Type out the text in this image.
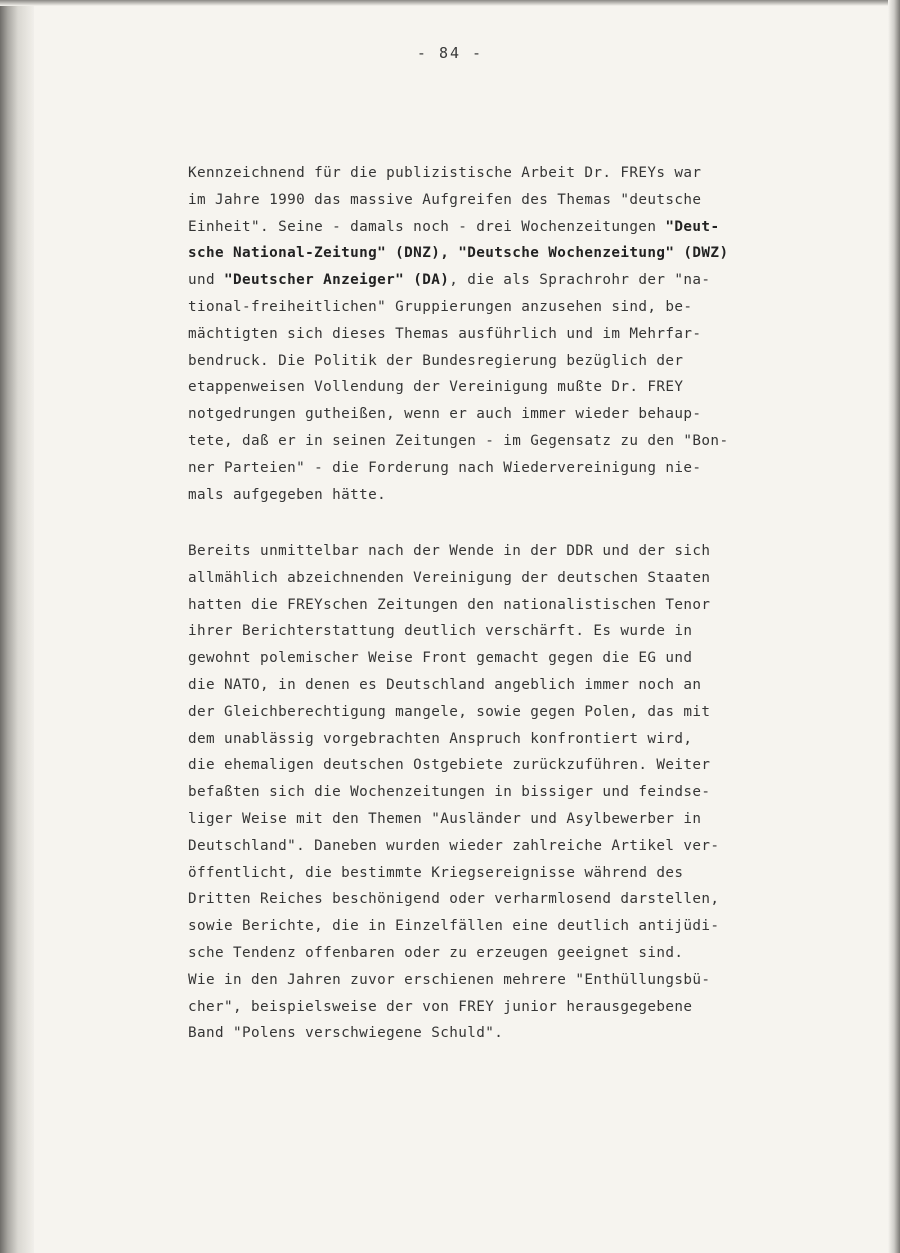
- 84 -
Kennzeichnend für die publizistische Arbeit Dr. FREYs war
im Jahre 1990 das massive Aufgreifen des Themas "deutsche
Einheit". Seine - damals noch - drei Wochenzeitungen "Deut-
sche National-Zeitung" (DNZ), "Deutsche Wochenzeitung" (DWZ)
und "Deutscher Anzeiger" (DA), die als Sprachrohr der "na-
tional-freiheitlichen" Gruppierungen anzusehen sind, be-
mächtigten sich dieses Themas ausführlich und im Mehrfar-
bendruck. Die Politik der Bundesregierung bezüglich der
etappenweisen Vollendung der Vereinigung mußte Dr. FREY
notgedrungen gutheißen, wenn er auch immer wieder behaup-
tete, daß er in seinen Zeitungen - im Gegensatz zu den "Bon-
ner Parteien" - die Forderung nach Wiedervereinigung nie-
mals aufgegeben hätte.
Bereits unmittelbar nach der Wende in der DDR und der sich
allmählich abzeichnenden Vereinigung der deutschen Staaten
hatten die FREYschen Zeitungen den nationalistischen Tenor
ihrer Berichterstattung deutlich verschärft. Es wurde in
gewohnt polemischer Weise Front gemacht gegen die EG und
die NATO, in denen es Deutschland angeblich immer noch an
der Gleichberechtigung mangele, sowie gegen Polen, das mit
dem unablässig vorgebrachten Anspruch konfrontiert wird,
die ehemaligen deutschen Ostgebiete zurückzuführen. Weiter
befaßten sich die Wochenzeitungen in bissiger und feindse-
liger Weise mit den Themen "Ausländer und Asylbewerber in
Deutschland". Daneben wurden wieder zahlreiche Artikel ver-
öffentlicht, die bestimmte Kriegsereignisse während des
Dritten Reiches beschönigend oder verharmlosend darstellen,
sowie Berichte, die in Einzelfällen eine deutlich antijüdi-
sche Tendenz offenbaren oder zu erzeugen geeignet sind.
Wie in den Jahren zuvor erschienen mehrere "Enthüllungsbü-
cher", beispielsweise der von FREY junior herausgegebene
Band "Polens verschwiegene Schuld".
